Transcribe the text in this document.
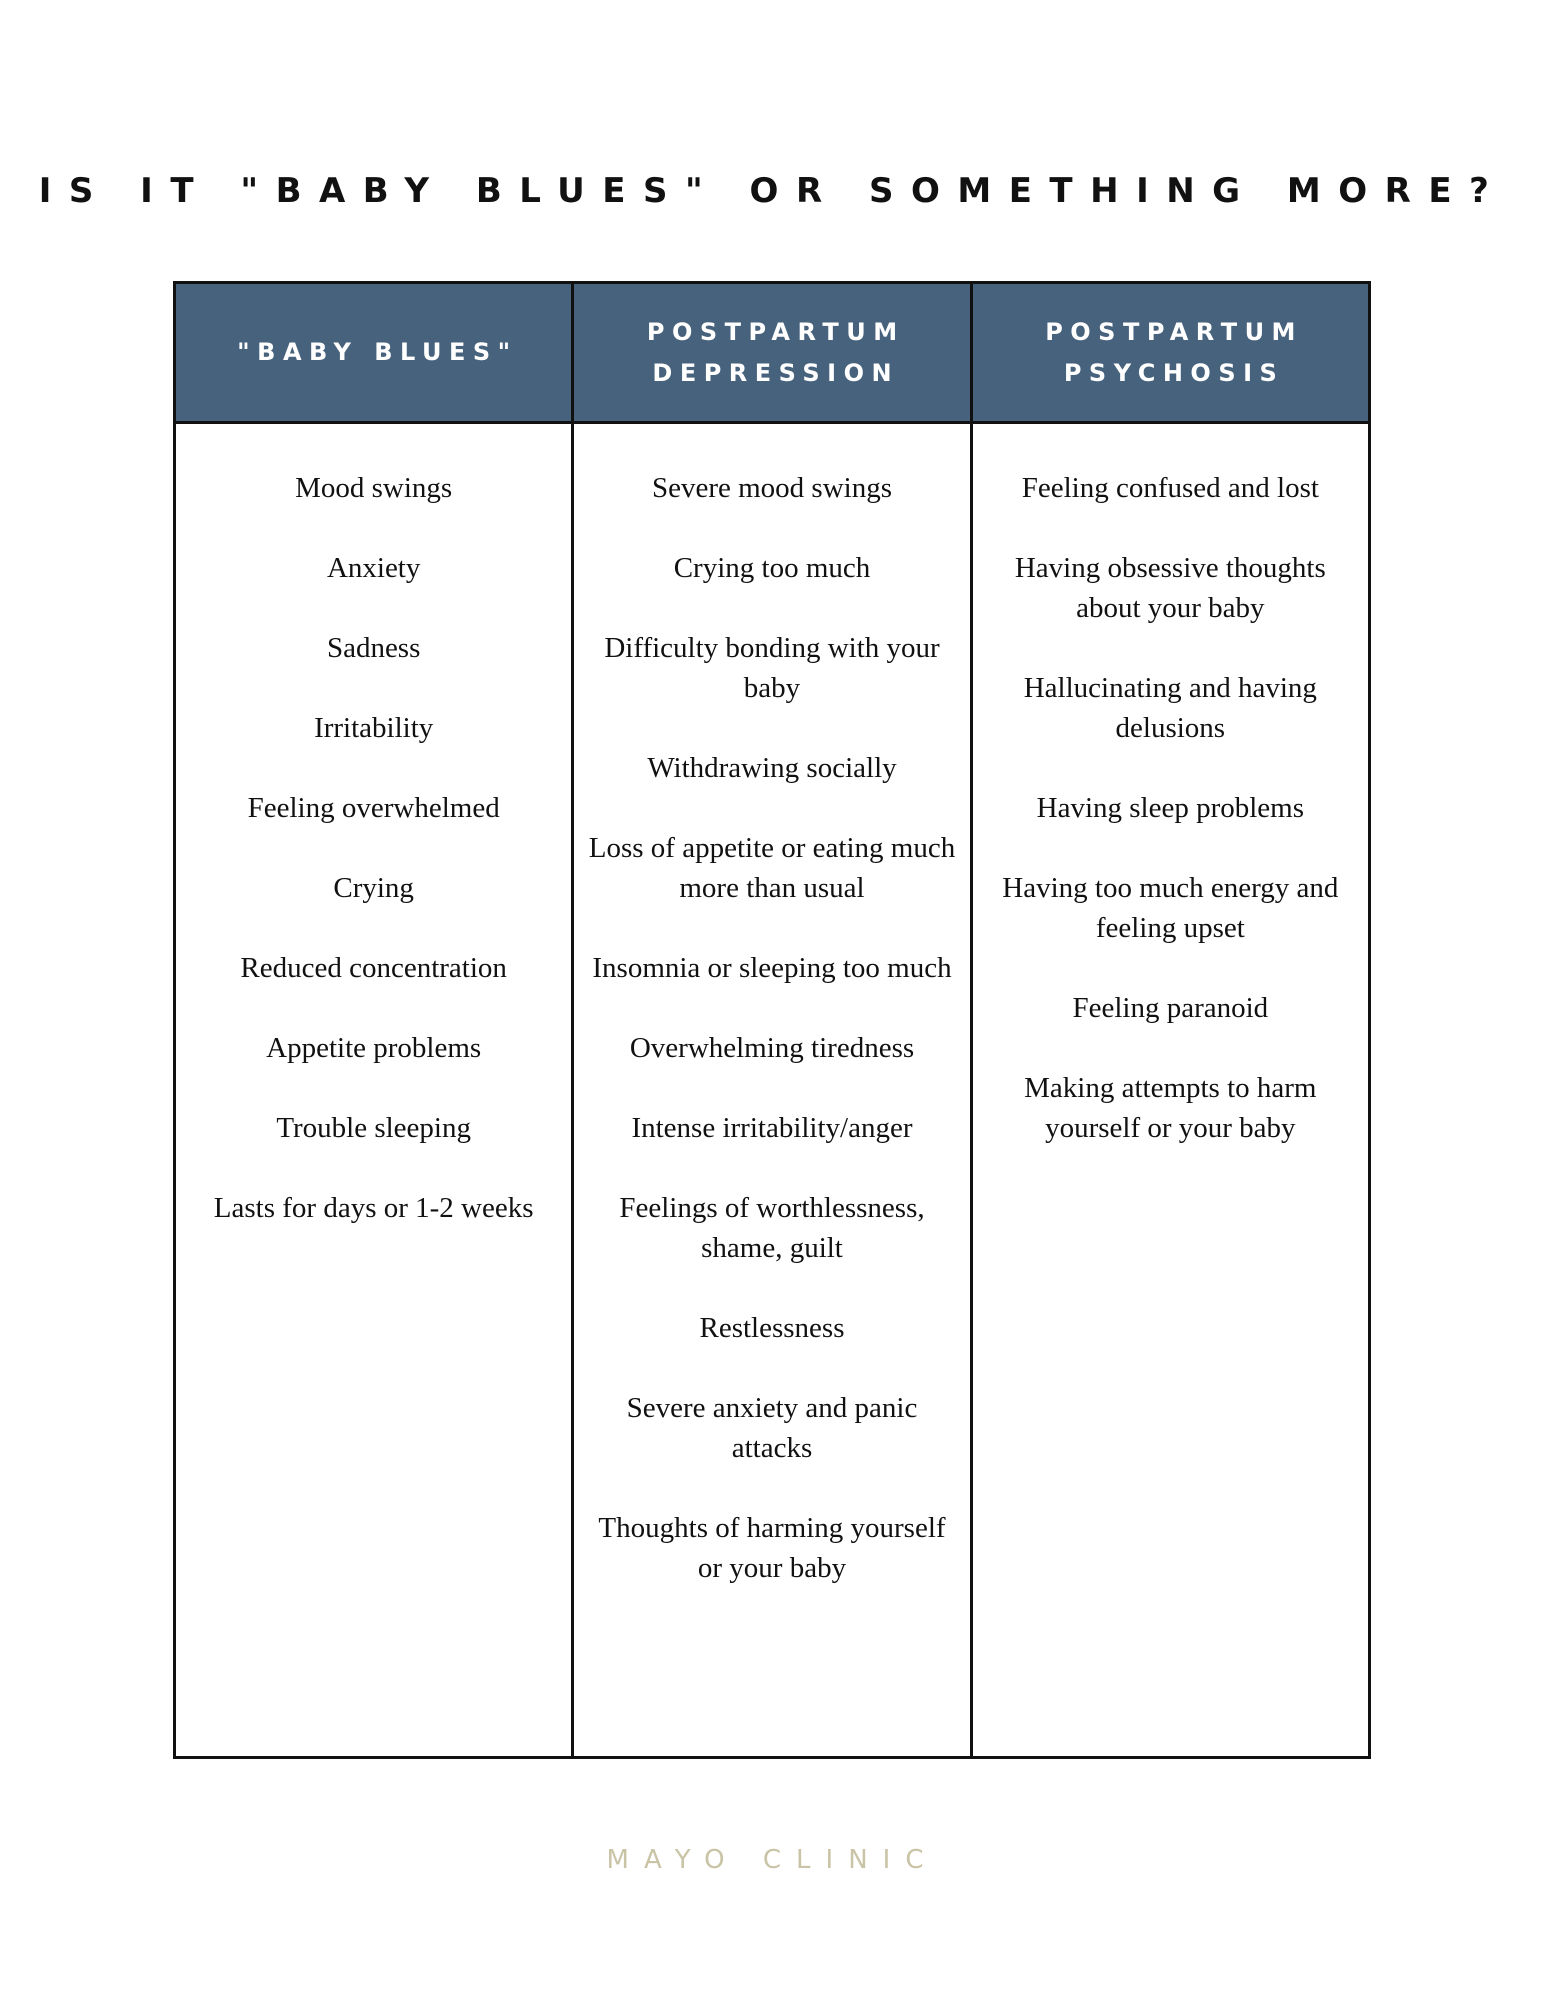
IS IT "BABY BLUES" OR SOMETHING MORE?
"BABY BLUES"
Mood swings
Anxiety
Sadness
Irritability
Feeling overwhelmed
Crying
Reduced concentration
Appetite problems
Trouble sleeping
Lasts for days or 1-2 weeks
POSTPARTUM
DEPRESSION
Severe mood swings
Crying too much
Difficulty bonding with your baby
Withdrawing socially
Loss of appetite or eating much more than usual
Insomnia or sleeping too much
Overwhelming tiredness
Intense irritability/anger
Feelings of worthlessness, shame, guilt
Restlessness
Severe anxiety and panic attacks
Thoughts of harming yourself or your baby
POSTPARTUM
PSYCHOSIS
Feeling confused and lost
Having obsessive thoughts about your baby
Hallucinating and having delusions
Having sleep problems
Having too much energy and feeling upset
Feeling paranoid
Making attempts to harm yourself or your baby
MAYO CLINIC
